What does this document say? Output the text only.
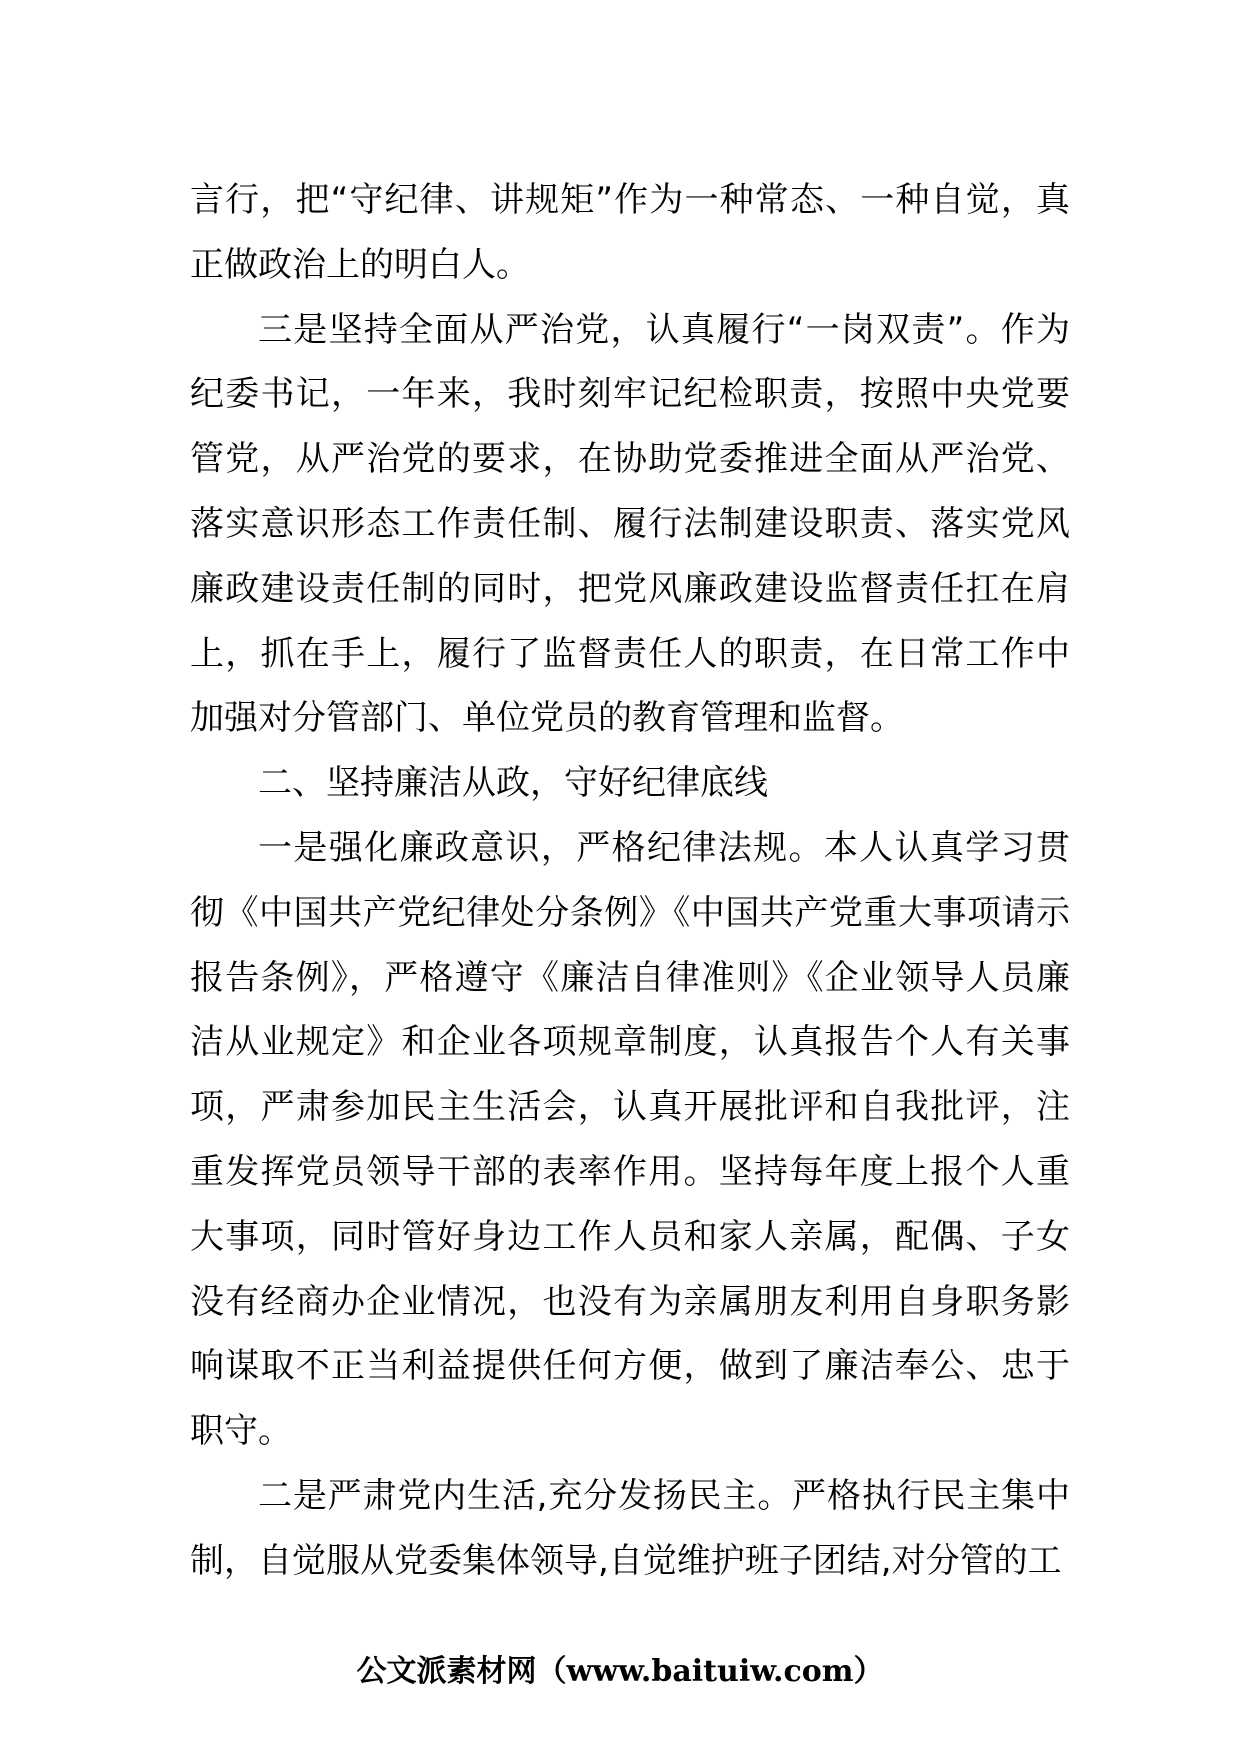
言行，把“守纪律、讲规矩”作为一种常态、一种自觉，真正做政治上的明白人。

三是坚持全面从严治党，认真履行“一岗双责”。作为纪委书记，一年来，我时刻牢记纪检职责，按照中央党要管党，从严治党的要求，在协助党委推进全面从严治党、落实意识形态工作责任制、履行法制建设职责、落实党风廉政建设责任制的同时，把党风廉政建设监督责任扛在肩上，抓在手上，履行了监督责任人的职责，在日常工作中加强对分管部门、单位党员的教育管理和监督。

二、坚持廉洁从政，守好纪律底线

一是强化廉政意识，严格纪律法规。本人认真学习贯彻《中国共产党纪律处分条例》《中国共产党重大事项请示报告条例》，严格遵守《廉洁自律准则》《企业领导人员廉洁从业规定》和企业各项规章制度，认真报告个人有关事项，严肃参加民主生活会，认真开展批评和自我批评，注重发挥党员领导干部的表率作用。坚持每年度上报个人重大事项，同时管好身边工作人员和家人亲属，配偶、子女没有经商办企业情况，也没有为亲属朋友利用自身职务影响谋取不正当利益提供任何方便，做到了廉洁奉公、忠于职守。

二是严肃党内生活,充分发扬民主。严格执行民主集中制，自觉服从党委集体领导,自觉维护班子团结,对分管的工

公文派素材网（www.baituiw.com）
